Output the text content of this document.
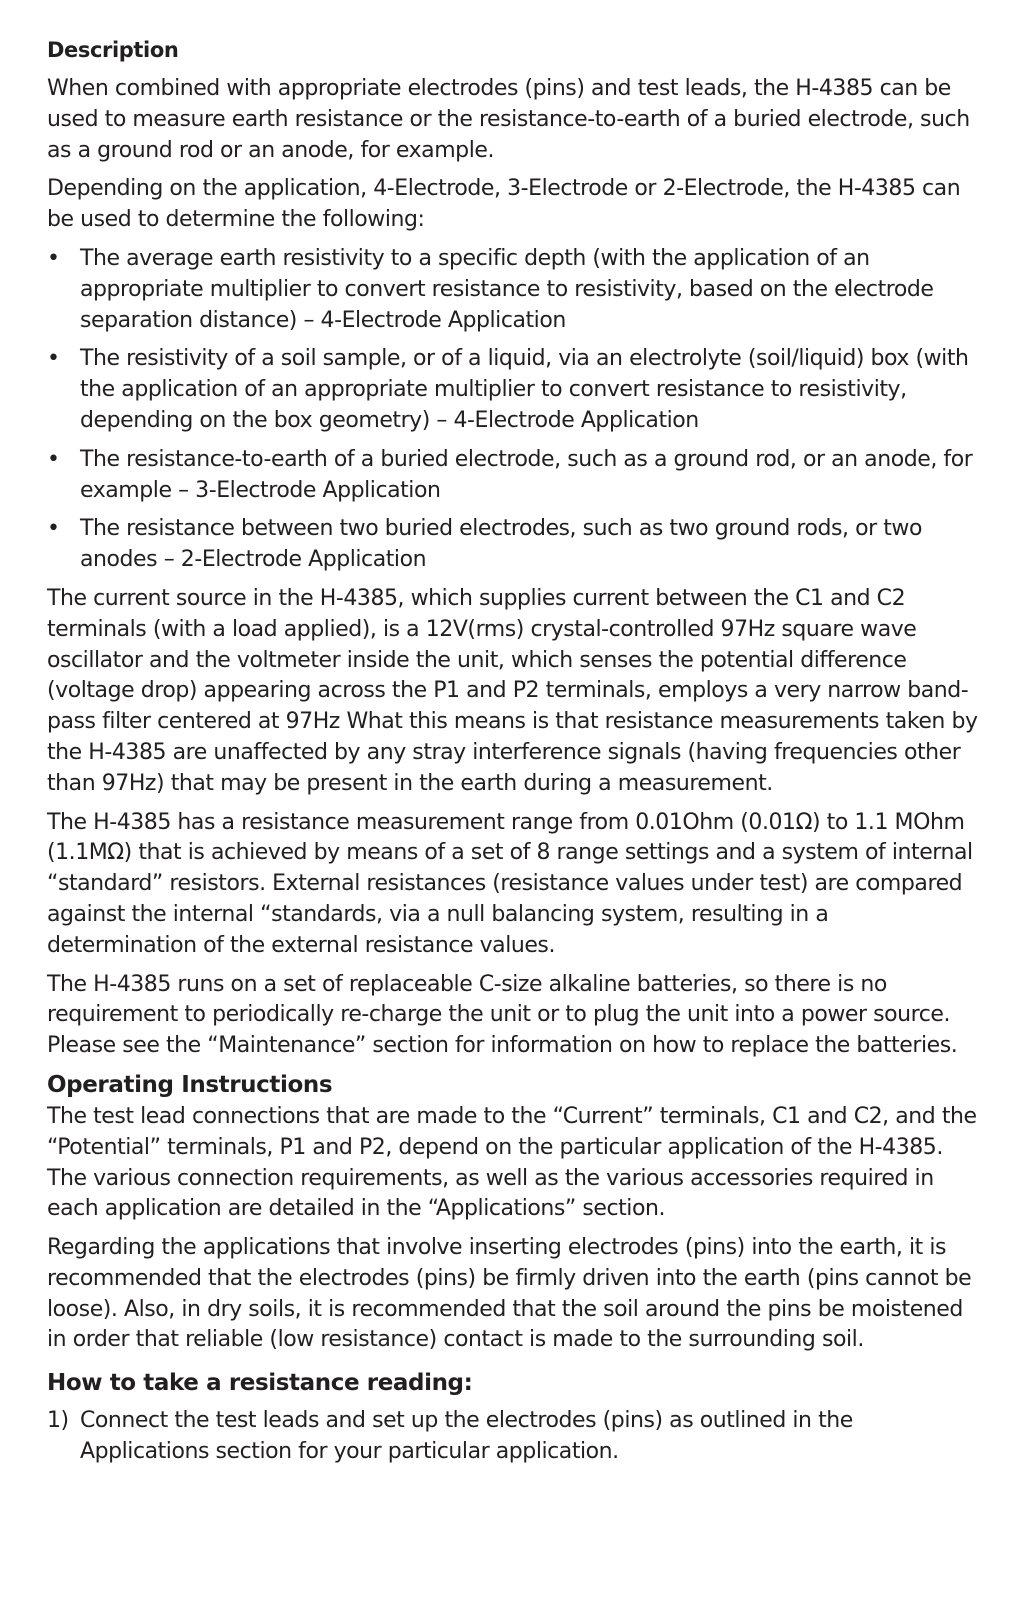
Description

When combined with appropriate electrodes (pins) and test leads, the H-4385 can be used to measure earth resistance or the resistance-to-earth of a buried electrode, such as a ground rod or an anode, for example.

Depending on the application, 4-Electrode, 3-Electrode or 2-Electrode, the H-4385 can be used to determine the following:

• The average earth resistivity to a specific depth (with the application of an appropriate multiplier to convert resistance to resistivity, based on the electrode separation distance) – 4-Electrode Application
• The resistivity of a soil sample, or of a liquid, via an electrolyte (soil/liquid) box (with the application of an appropriate multiplier to convert resistance to resistivity, depending on the box geometry) – 4-Electrode Application
• The resistance-to-earth of a buried electrode, such as a ground rod, or an anode, for example – 3-Electrode Application
• The resistance between two buried electrodes, such as two ground rods, or two anodes – 2-Electrode Application

The current source in the H-4385, which supplies current between the C1 and C2 terminals (with a load applied), is a 12V(rms) crystal-controlled 97Hz square wave oscillator and the voltmeter inside the unit, which senses the potential difference (voltage drop) appearing across the P1 and P2 terminals, employs a very narrow band-pass filter centered at 97Hz What this means is that resistance measurements taken by the H-4385 are unaffected by any stray interference signals (having frequencies other than 97Hz) that may be present in the earth during a measurement.

The H-4385 has a resistance measurement range from 0.01Ohm (0.01Ω) to 1.1 MOhm (1.1MΩ) that is achieved by means of a set of 8 range settings and a system of internal “standard” resistors. External resistances (resistance values under test) are compared against the internal “standards, via a null balancing system, resulting in a determination of the external resistance values.

The H-4385 runs on a set of replaceable C-size alkaline batteries, so there is no requirement to periodically re-charge the unit or to plug the unit into a power source. Please see the “Maintenance” section for information on how to replace the batteries.

Operating Instructions

The test lead connections that are made to the “Current” terminals, C1 and C2, and the “Potential” terminals, P1 and P2, depend on the particular application of the H-4385. The various connection requirements, as well as the various accessories required in each application are detailed in the “Applications” section.

Regarding the applications that involve inserting electrodes (pins) into the earth, it is recommended that the electrodes (pins) be firmly driven into the earth (pins cannot be loose). Also, in dry soils, it is recommended that the soil around the pins be moistened in order that reliable (low resistance) contact is made to the surrounding soil.

How to take a resistance reading:
1) Connect the test leads and set up the electrodes (pins) as outlined in the Applications section for your particular application.
